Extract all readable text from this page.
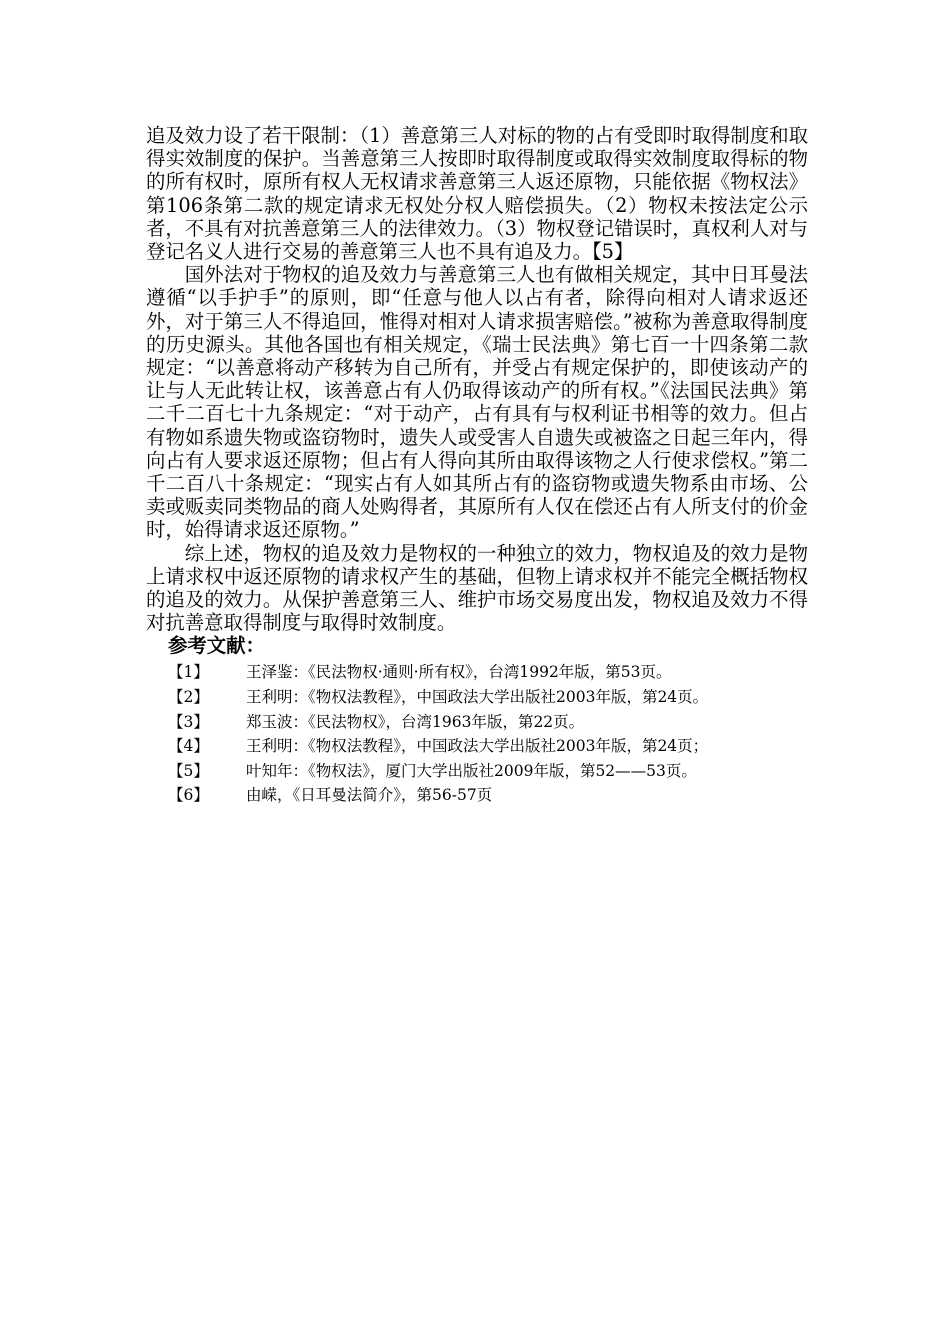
追及效力设了若干限制：（1）善意第三人对标的物的占有受即时取得制度和取得实效制度的保护。当善意第三人按即时取得制度或取得实效制度取得标的物的所有权时，原所有权人无权请求善意第三人返还原物，只能依据《物权法》第106条第二款的规定请求无权处分权人赔偿损失。（2）物权未按法定公示者，不具有对抗善意第三人的法律效力。（3）物权登记错误时，真权利人对与登记名义人进行交易的善意第三人也不具有追及力。【5】

国外法对于物权的追及效力与善意第三人也有做相关规定，其中日耳曼法遵循“以手护手”的原则，即“任意与他人以占有者，除得向相对人请求返还外，对于第三人不得追回，惟得对相对人请求损害赔偿。”被称为善意取得制度的历史源头。其他各国也有相关规定，《瑞士民法典》第七百一十四条第二款规定：“以善意将动产移转为自己所有，并受占有规定保护的，即使该动产的让与人无此转让权，该善意占有人仍取得该动产的所有权。”《法国民法典》第二千二百七十九条规定：“对于动产，占有具有与权利证书相等的效力。但占有物如系遗失物或盗窃物时，遗失人或受害人自遗失或被盗之日起三年内，得向占有人要求返还原物；但占有人得向其所由取得该物之人行使求偿权。”第二千二百八十条规定：“现实占有人如其所占有的盗窃物或遗失物系由市场、公卖或贩卖同类物品的商人处购得者，其原所有人仅在偿还占有人所支付的价金时，始得请求返还原物。”

综上述，物权的追及效力是物权的一种独立的效力，物权追及的效力是物上请求权中返还原物的请求权产生的基础，但物上请求权并不能完全概括物权的追及的效力。从保护善意第三人、维护市场交易度出发，物权追及效力不得对抗善意取得制度与取得时效制度。

参考文献：
【1】	王泽鉴：《民法物权·通则·所有权》，台湾1992年版，第53页。
【2】	王利明：《物权法教程》，中国政法大学出版社2003年版，第24页。
【3】	郑玉波：《民法物权》，台湾1963年版，第22页。
【4】	王利明：《物权法教程》，中国政法大学出版社2003年版，第24页；
【5】	叶知年：《物权法》，厦门大学出版社2009年版，第52——53页。
【6】	由嵘，《日耳曼法简介》，第56-57页
